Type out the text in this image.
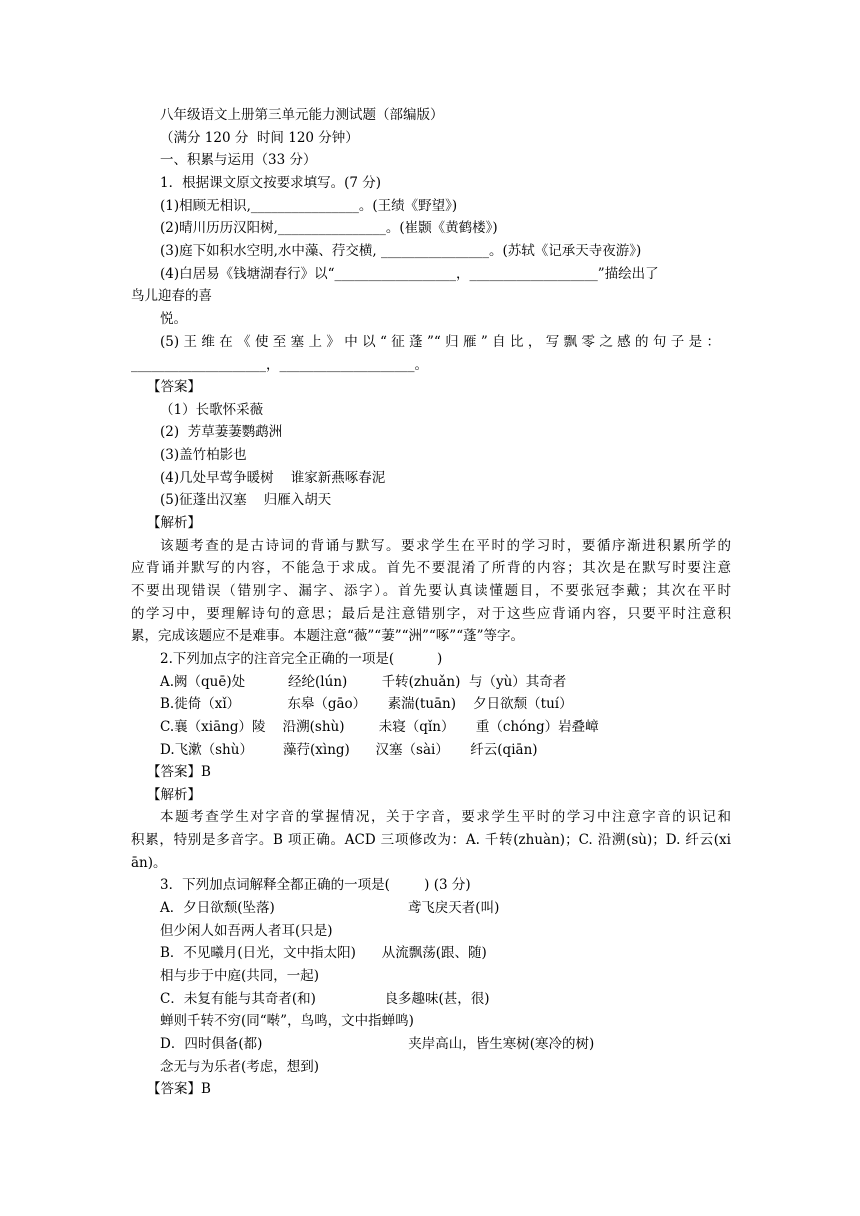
八年级语文上册第三单元能力测试题（部编版）
（满分 120 分  时间 120 分钟）
一、积累与运用（33 分）
1．根据课文原文按要求填写。(7 分)
(1)相顾无相识,________________。(王绩《野望》)
(2)晴川历历汉阳树,________________。(崔颢《黄鹤楼》)
(3)庭下如积水空明,水中藻、荇交横, ________________。(苏轼《记承天寺夜游》)
(4)白居易《钱塘湖春行》以“__________________，___________________”描绘出了
鸟儿迎春的喜
悦。
(5)王维在《使至塞上》中以“征蓬”“归雁”自比，写飘零之感的句子是：
____________________，____________________。
【答案】
（1）长歌怀采薇
(2)  芳草萋萋鹦鹉洲
(3)盖竹柏影也
(4)几处早莺争暖树    谁家新燕啄春泥
(5)征蓬出汉塞    归雁入胡天
【解析】
该题考查的是古诗词的背诵与默写。要求学生在平时的学习时，要循序渐进积累所学的
应背诵并默写的内容，不能急于求成。首先不要混淆了所背的内容；其次是在默写时要注意
不要出现错误（错别字、漏字、添字）。首先要认真读懂题目，不要张冠李戴；其次在平时
的学习中，要理解诗句的意思；最后是注意错别字，对于这些应背诵内容，只要平时注意积
累，完成该题应不是难事。本题注意“薇”“萋”“洲”“啄”“蓬”等字。
2.下列加点字的注音完全正确的一项是(          )
A.阙（quē)处          经纶(lún)        千转(zhuǎn)  与（yù）其奇者
B.徙倚（xǐ）           东皋（gāo）     素湍(tuān)    夕日欲颓（tuí）
C.襄（xiāng）陵    沿溯(shù)        未寝（qǐn）     重（chóng）岩叠嶂
D.飞漱（shù）       藻荇(xìng)      汉塞（sài）     纤云(qiān)
【答案】B
【解析】
本题考查学生对字音的掌握情况，关于字音，要求学生平时的学习中注意字音的识记和
积累，特别是多音字。B 项正确。ACD 三项修改为：A. 千转(zhuàn)；C. 沿溯(sù)；D. 纤云(xi
ān)。
3．下列加点词解释全都正确的一项是(        ) (3 分)
A．夕日欲颓(坠落)                               鸢飞戾天者(叫)
但少闲人如吾两人者耳(只是)
B．不见曦月(日光，文中指太阳)      从流飘荡(跟、随)
相与步于中庭(共同，一起)
C．未复有能与其奇者(和)                良多趣味(甚，很)
蝉则千转不穷(同“啭”，鸟鸣，文中指蝉鸣)
D．四时俱备(都)                                  夹岸高山，皆生寒树(寒冷的树)
念无与为乐者(考虑，想到)
【答案】B
